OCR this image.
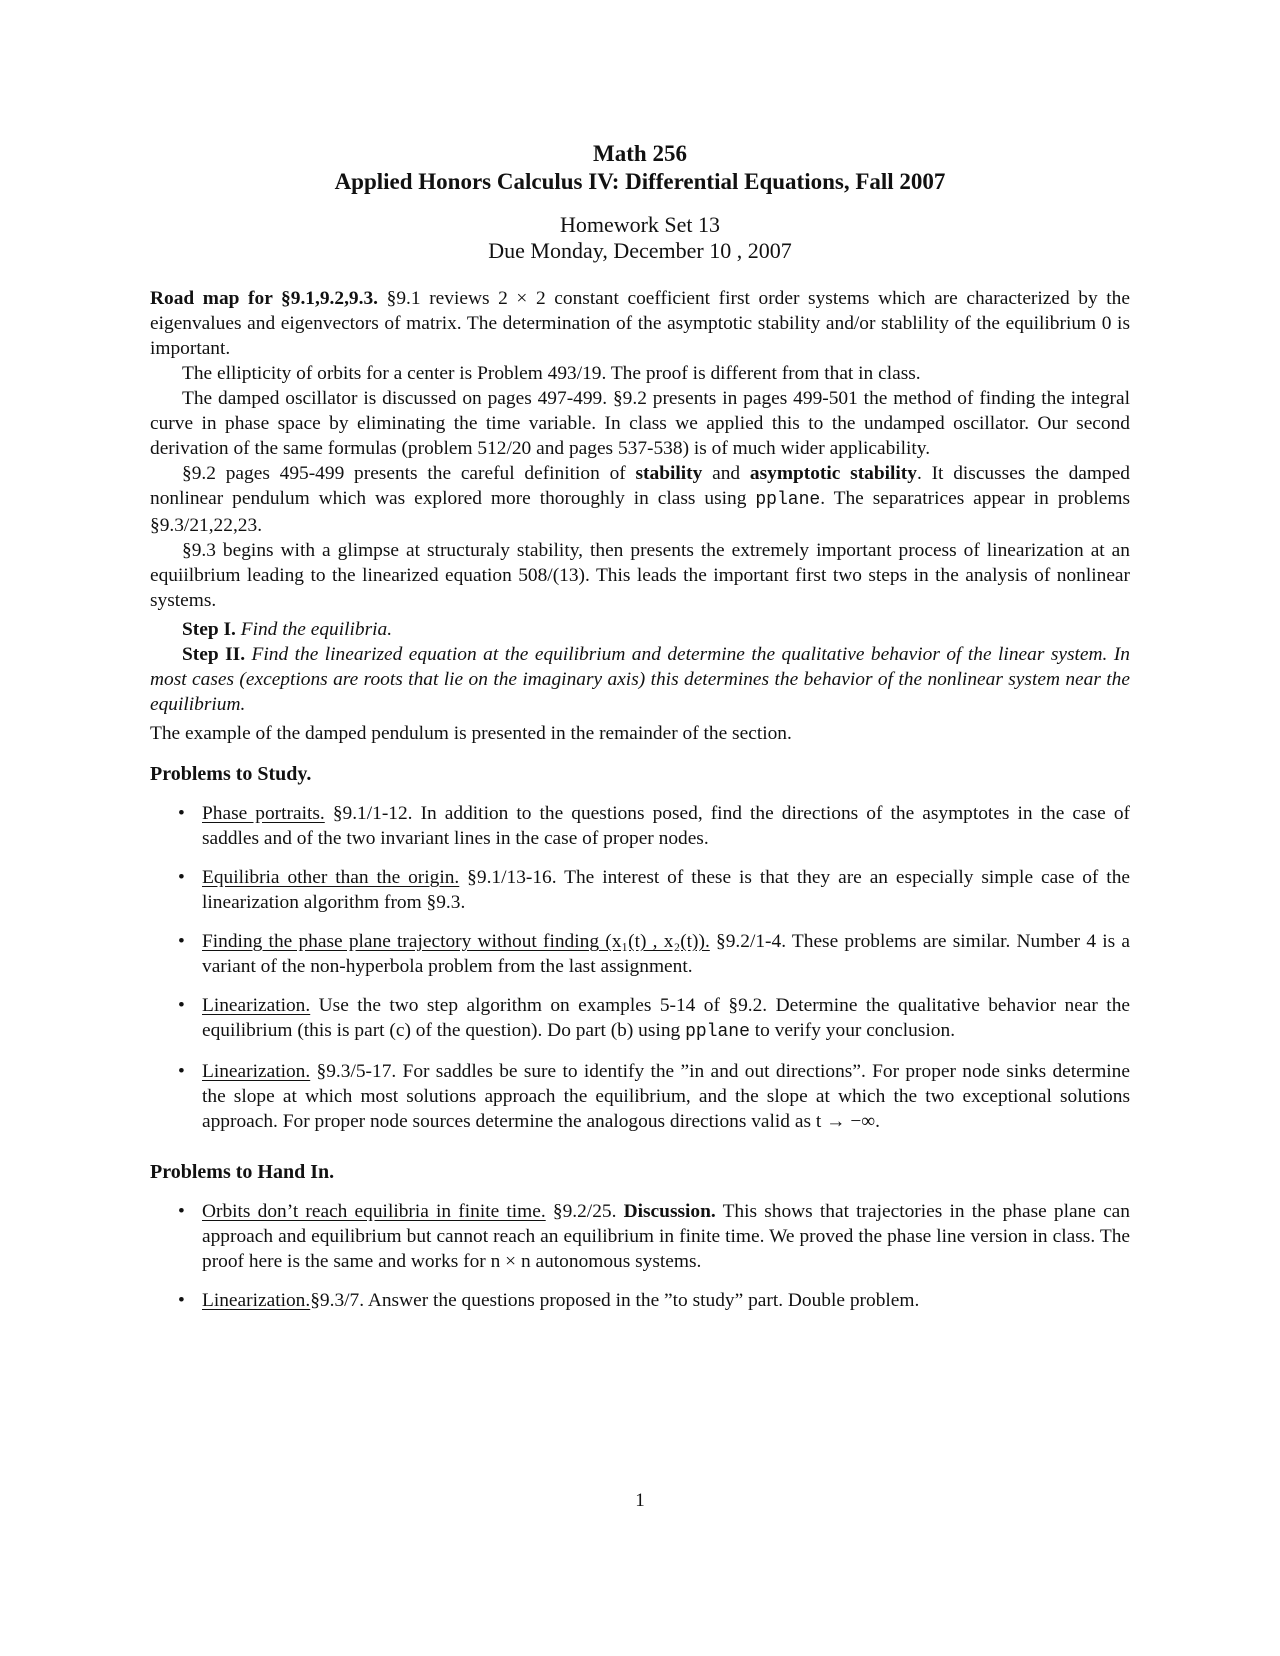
Math 256
Applied Honors Calculus IV: Differential Equations, Fall 2007
Homework Set 13
Due Monday, December 10 , 2007

Road map for §9.1,9.2,9.3. §9.1 reviews 2 × 2 constant coefficient first order systems which are characterized by the eigenvalues and eigenvectors of matrix. The determination of the asymptotic stability and/or stablility of the equilibrium 0 is important.

The ellipticity of orbits for a center is Problem 493/19. The proof is different from that in class.

The damped oscillator is discussed on pages 497-499. §9.2 presents in pages 499-501 the method of finding the integral curve in phase space by eliminating the time variable. In class we applied this to the undamped oscillator. Our second derivation of the same formulas (problem 512/20 and pages 537-538) is of much wider applicability.

§9.2 pages 495-499 presents the careful definition of stability and asymptotic stability. It discusses the damped nonlinear pendulum which was explored more thoroughly in class using pplane. The separatrices appear in problems §9.3/21,22,23.

§9.3 begins with a glimpse at structuraly stability, then presents the extremely important process of linearization at an equiilbrium leading to the linearized equation 508/(13). This leads the important first two steps in the analysis of nonlinear systems.

Step I. Find the equilibria.

Step II. Find the linearized equation at the equilibrium and determine the qualitative behavior of the linear system. In most cases (exceptions are roots that lie on the imaginary axis) this determines the behavior of the nonlinear system near the equilibrium.

The example of the damped pendulum is presented in the remainder of the section.

Problems to Study.
• Phase portraits. §9.1/1-12. In addition to the questions posed, find the directions of the asymptotes in the case of saddles and of the two invariant lines in the case of proper nodes.
• Equilibria other than the origin. §9.1/13-16. The interest of these is that they are an especially simple case of the linearization algorithm from §9.3.
• Finding the phase plane trajectory without finding (x₁(t) , x₂(t)). §9.2/1-4. These problems are similar. Number 4 is a variant of the non-hyperbola problem from the last assignment.
• Linearization. Use the two step algorithm on examples 5-14 of §9.2. Determine the qualitative behavior near the equilibrium (this is part (c) of the question). Do part (b) using pplane to verify your conclusion.
• Linearization. §9.3/5-17. For saddles be sure to identify the ”in and out directions”. For proper node sinks determine the slope at which most solutions approach the equilibrium, and the slope at which the two exceptional solutions approach. For proper node sources determine the analogous directions valid as t → −∞.
Problems to Hand In.
• Orbits don’t reach equilibria in finite time. §9.2/25. Discussion. This shows that trajectories in the phase plane can approach and equilibrium but cannot reach an equilibrium in finite time. We proved the phase line version in class. The proof here is the same and works for n × n autonomous systems.
• Linearization.§9.3/7. Answer the questions proposed in the ”to study” part. Double problem.
1
